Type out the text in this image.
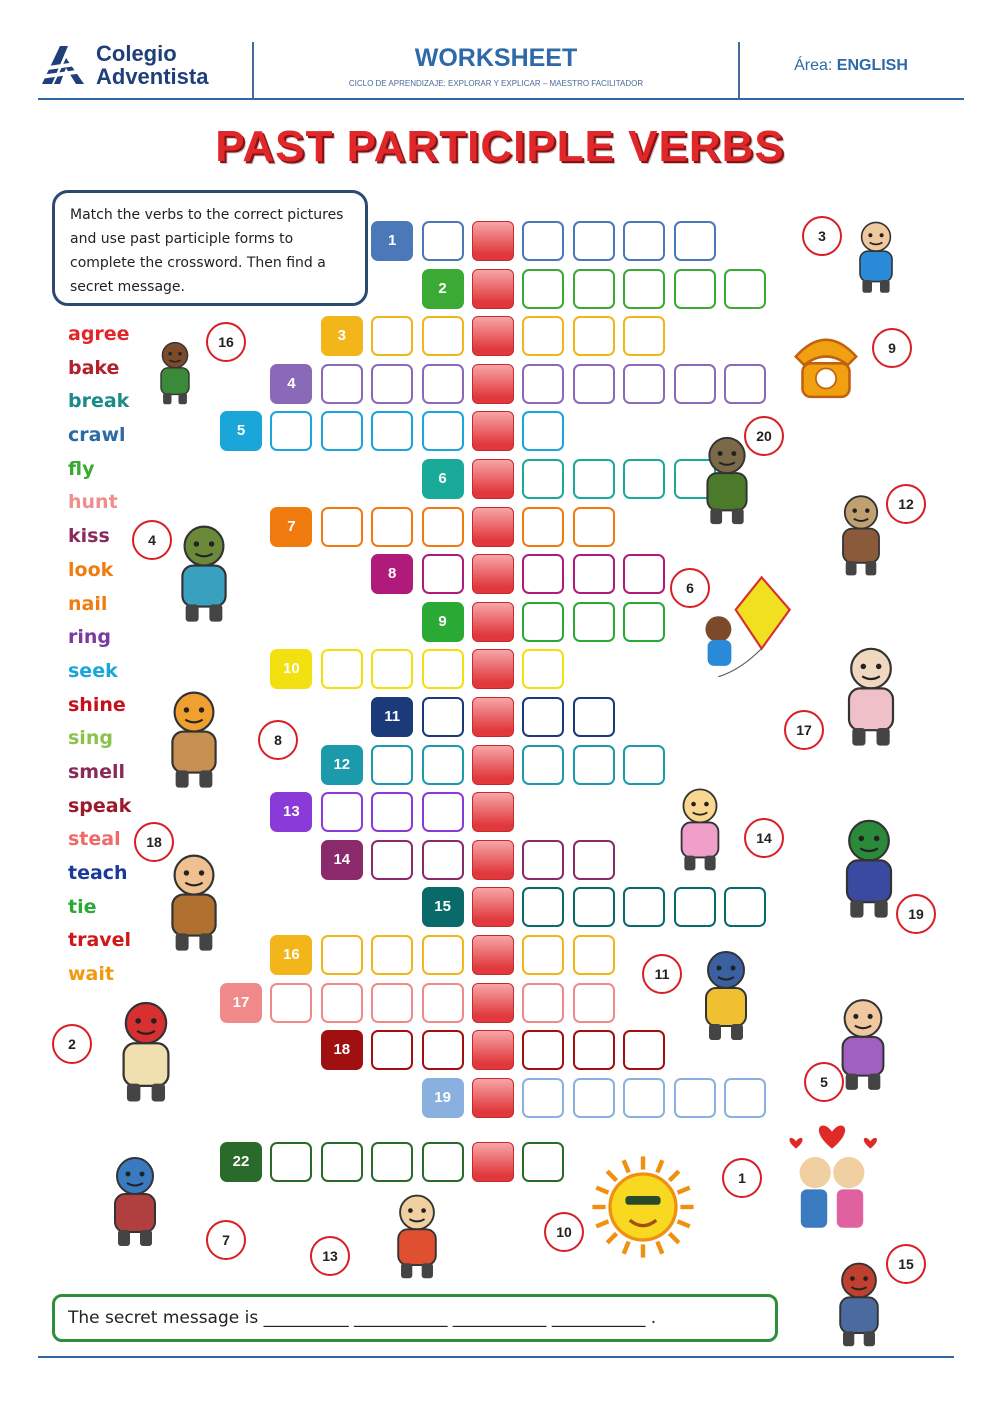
Colegio Adventista
WORKSHEET
CICLO DE APRENDIZAJE: EXPLORAR Y EXPLICAR – MAESTRO FACILITADOR
Área: ENGLISH
PAST PARTICIPLE VERBS
Match the verbs to the correct pictures and use past participle forms to complete the crossword. Then find a secret message.
agree
bake
break
crawl
fly
hunt
kiss
look
nail
ring
seek
shine
sing
smell
speak
steal
teach
tie
travel
wait
1
2
3
4
5
6
7
8
9
10
11
12
13
14
15
16
17
18
19
22
16
4
8
18
2
7
13
10
3
9
20
12
6
17
14
19
11
5
1
15
The secret message is __________ ___________ ___________ ___________ .
